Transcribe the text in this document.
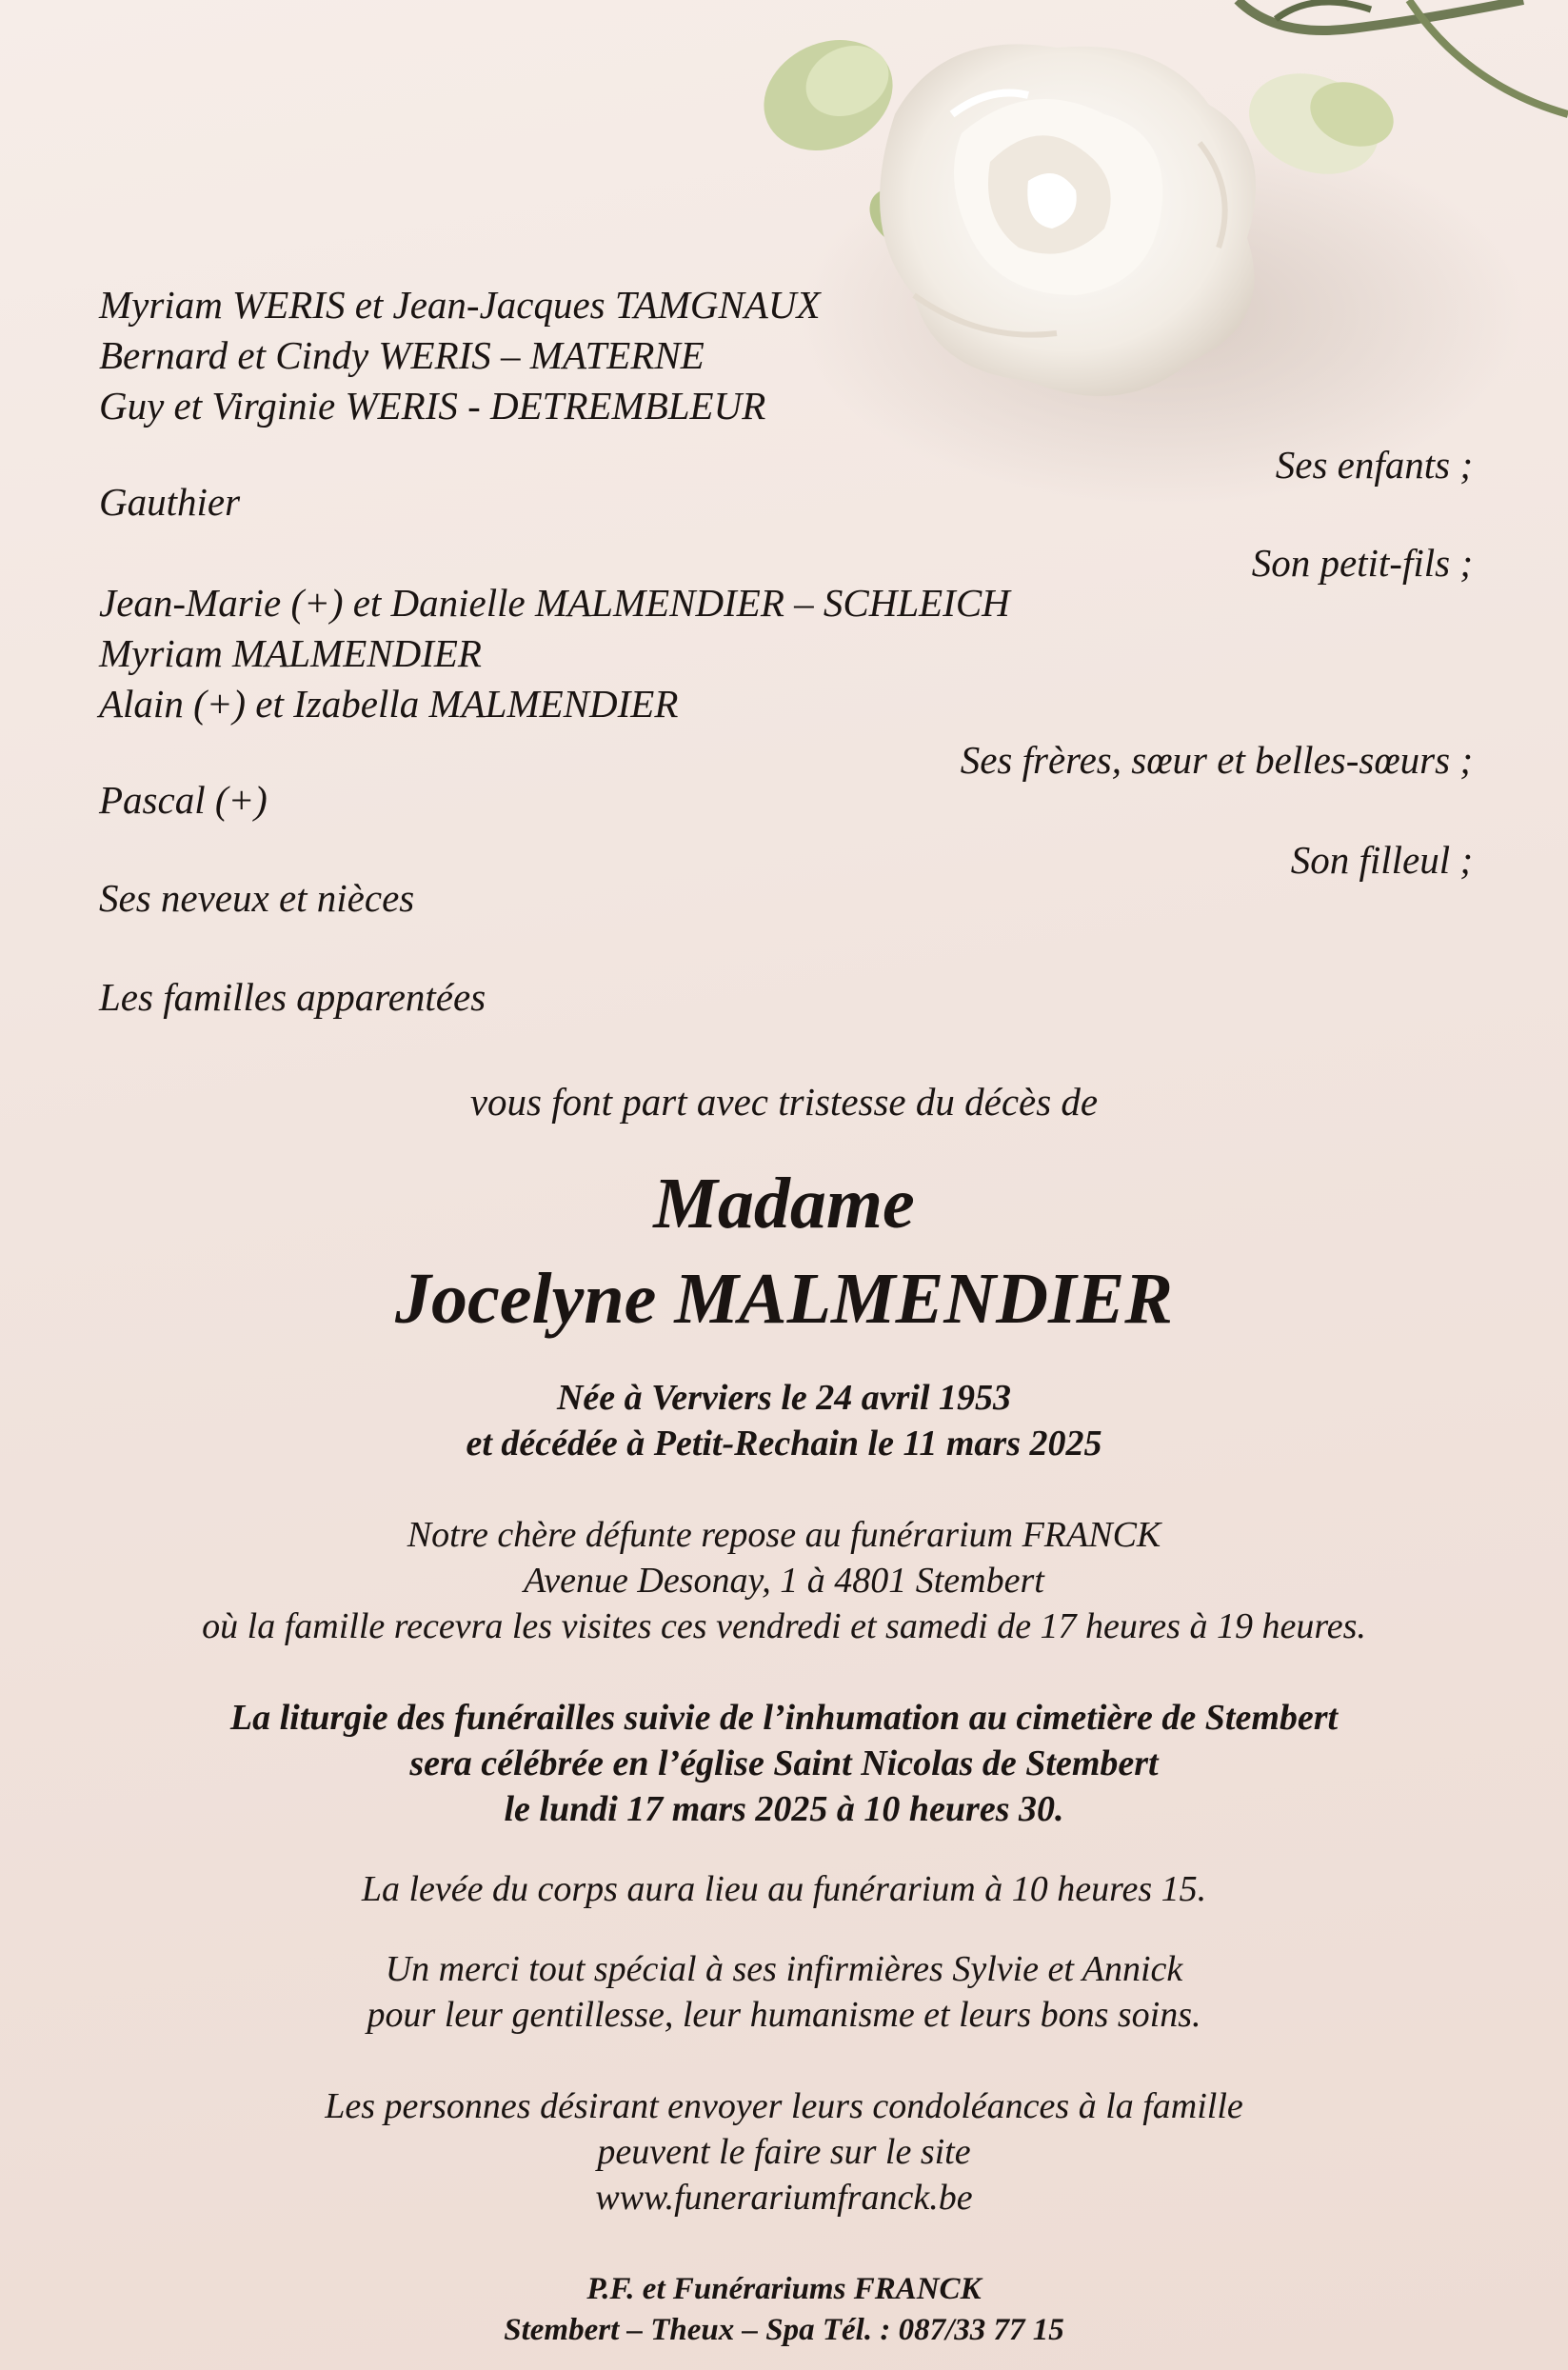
Myriam WERIS et Jean-Jacques TAMGNAUX
Bernard et Cindy WERIS – MATERNE
Guy et Virginie WERIS - DETREMBLEUR
Ses enfants ;
Gauthier
Son petit-fils ;
Jean-Marie (+) et Danielle MALMENDIER – SCHLEICH
Myriam MALMENDIER
Alain (+) et Izabella MALMENDIER
Ses frères, sœur et belles-sœurs ;
Pascal (+)
Son filleul ;
Ses neveux et nièces
Les familles apparentées
vous font part avec tristesse du décès de
Madame
Jocelyne MALMENDIER
Née à Verviers le 24 avril 1953
et décédée à Petit-Rechain le 11 mars 2025
Notre chère défunte repose au funérarium FRANCK
Avenue Desonay, 1 à 4801 Stembert
où la famille recevra les visites ces vendredi et samedi de 17 heures à 19 heures.
La liturgie des funérailles suivie de l’inhumation au cimetière de Stembert
sera célébrée en l’église Saint Nicolas de Stembert
le lundi 17 mars 2025 à 10 heures 30.
La levée du corps aura lieu au funérarium à 10 heures 15.
Un merci tout spécial à ses infirmières Sylvie et Annick
pour leur gentillesse, leur humanisme et leurs bons soins.
Les personnes désirant envoyer leurs condoléances à la famille
peuvent le faire sur le site
www.funerariumfranck.be
P.F. et Funérariums FRANCK
Stembert – Theux – Spa Tél. : 087/33 77 15
